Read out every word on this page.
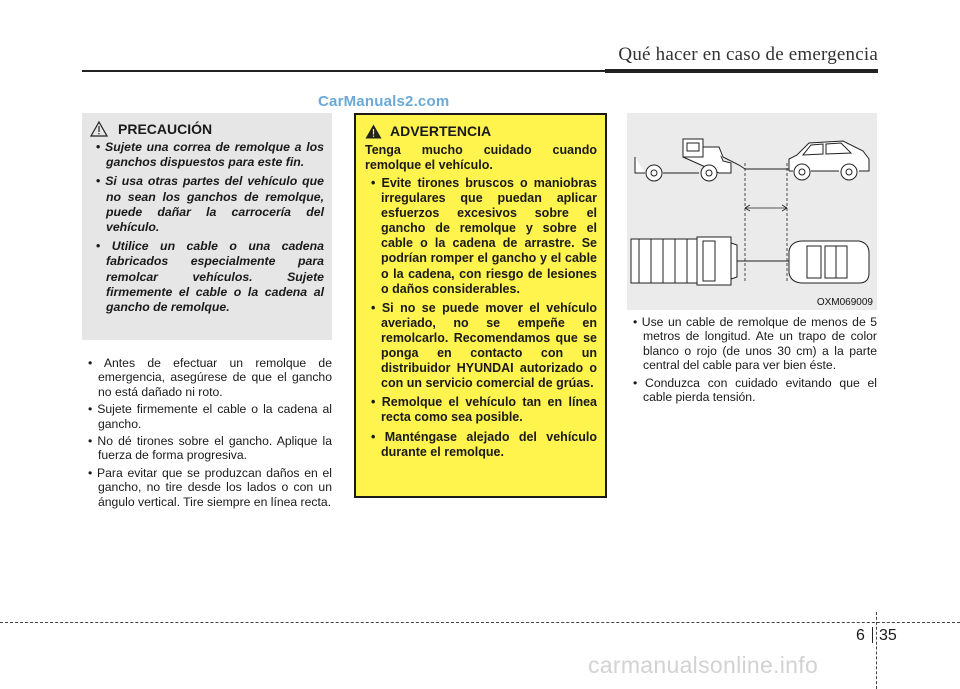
Qué hacer en caso de emergencia
CarManuals2.com
PRECAUCIÓN
• Sujete una correa de remolque a los ganchos dispuestos para este fin.
• Si usa otras partes del vehículo que no sean los ganchos de remolque, puede dañar la carrocería del vehículo.
• Utilice un cable o una cadena fabricados especialmente para remolcar vehículos. Sujete firmemente el cable o la cadena al gancho de remolque.
• Antes de efectuar un remolque de emergencia, asegúrese de que el gancho no está dañado ni roto.
• Sujete firmemente el cable o la cadena al gancho.
• No dé tirones sobre el gancho. Aplique la fuerza de forma progresiva.
• Para evitar que se produzcan daños en el gancho, no tire desde los lados o con un ángulo vertical. Tire siempre en línea recta.
ADVERTENCIA

Tenga mucho cuidado cuando remolque el vehículo.

• Evite tirones bruscos o maniobras irregulares que puedan aplicar esfuerzos excesivos sobre el gancho de remolque y sobre el cable o la cadena de arrastre. Se podrían romper el gancho y el cable o la cadena, con riesgo de lesiones o daños considerables.
• Si no se puede mover el vehículo averiado, no se empeñe en remolcarlo. Recomendamos que se ponga en contacto con un distribuidor HYUNDAI autorizado o con un servicio comercial de grúas.
• Remolque el vehículo tan en línea recta como sea posible.
• Manténgase alejado del vehículo durante el remolque.
OXM069009
• Use un cable de remolque de menos de 5 metros de longitud. Ate un trapo de color blanco o rojo (de unos 30 cm) a la parte central del cable para ver bien éste.
• Conduzca con cuidado evitando que el cable pierda tensión.
6 35
carmanualsonline.info
